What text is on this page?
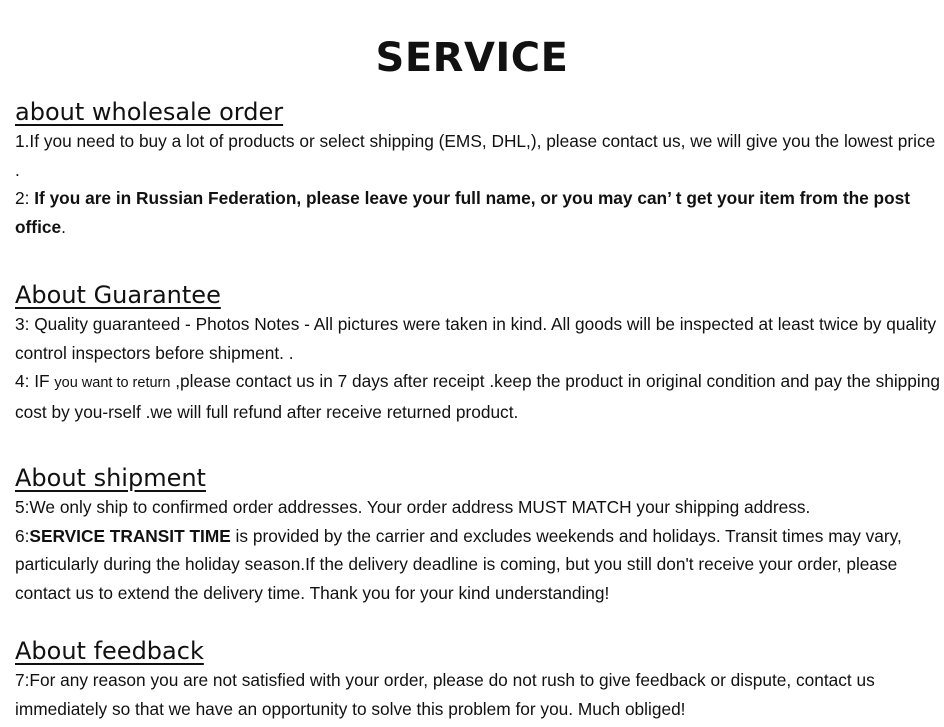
SERVICE
about wholesale order

1.If you need to buy a lot of products or select shipping (EMS, DHL,), please contact us, we will give you the lowest price .

2: If you are in Russian Federation, please leave your full name, or you may can’ t get your item from the post office.

About Guarantee

3: Quality guaranteed - Photos Notes - All pictures were taken in kind. All goods will be inspected at least twice by quality control inspectors before shipment. .

4: IF you want to return ,please contact us in 7 days after receipt .keep the product in original condition and pay the shipping cost by you-rself .we will full refund after receive returned product.

About shipment

5:We only ship to confirmed order addresses. Your order address MUST MATCH your shipping address.

6:SERVICE TRANSIT TIME is provided by the carrier and excludes weekends and holidays. Transit times may vary, particularly during the holiday season.If the delivery deadline is coming, but you still don't receive your order, please contact us to extend the delivery time. Thank you for your kind understanding!

About feedback

7:For any reason you are not satisfied with your order, please do not rush to give feedback or dispute, contact us immediately so that we have an opportunity to solve this problem for you. Much obliged!
